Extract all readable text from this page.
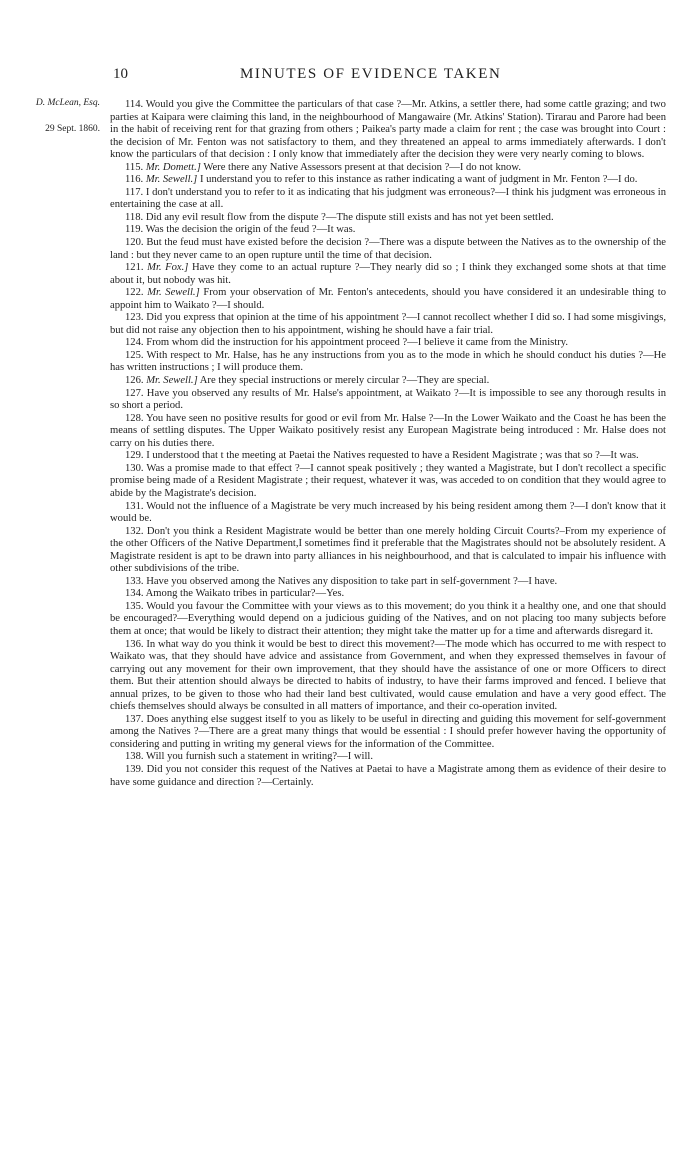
10	MINUTES OF EVIDENCE TAKEN
D. McLean, Esq.
29 Sept. 1860.

114. Would you give the Committee the particulars of that case ?—Mr. Atkins, a settler there, had some cattle grazing; and two parties at Kaipara were claiming this land, in the neighbourhood of Mangawaire (Mr. Atkins' Station). Tirarau and Parore had been in the habit of receiving rent for that grazing from others ; Paikea's party made a claim for rent ; the case was brought into Court : the decision of Mr. Fenton was not satisfactory to them, and they threatened an appeal to arms immediately afterwards. I don't know the particulars of that decision : I only know that immediately after the decision they were very nearly coming to blows.

115. Mr. Domett.] Were there any Native Assessors present at that decision ?—I do not know.

116. Mr. Sewell.] I understand you to refer to this instance as rather indicating a want of judgment in Mr. Fenton ?—I do.

117. I don't understand you to refer to it as indicating that his judgment was erroneous?—I think his judgment was erroneous in entertaining the case at all.

118. Did any evil result flow from the dispute ?—The dispute still exists and has not yet been settled.

119. Was the decision the origin of the feud ?—It was.

120. But the feud must have existed before the decision ?—There was a dispute between the Natives as to the ownership of the land : but they never came to an open rupture until the time of that decision.

121. Mr. Fox.] Have they come to an actual rupture ?—They nearly did so ; I think they exchanged some shots at that time about it, but nobody was hit.

122. Mr. Sewell.] From your observation of Mr. Fenton's antecedents, should you have considered it an undesirable thing to appoint him to Waikato ?—I should.

123. Did you express that opinion at the time of his appointment ?—I cannot recollect whether I did so. I had some misgivings, but did not raise any objection then to his appointment, wishing he should have a fair trial.

124. From whom did the instruction for his appointment proceed ?—I believe it came from the Ministry.

125. With respect to Mr. Halse, has he any instructions from you as to the mode in which he should conduct his duties ?—He has written instructions ; I will produce them.

126. Mr. Sewell.] Are they special instructions or merely circular ?—They are special.

127. Have you observed any results of Mr. Halse's appointment, at Waikato ?—It is impossible to see any thorough results in so short a period.

128. You have seen no positive results for good or evil from Mr. Halse ?—In the Lower Waikato and the Coast he has been the means of settling disputes. The Upper Waikato positively resist any European Magistrate being introduced : Mr. Halse does not carry on his duties there.

129. I understood that t the meeting at Paetai the Natives requested to have a Resident Magistrate ; was that so ?—It was.

130. Was a promise made to that effect ?—I cannot speak positively ; they wanted a Magistrate, but I don't recollect a specific promise being made of a Resident Magistrate ; their request, whatever it was, was acceded to on condition that they would agree to abide by the Magistrate's decision.

131. Would not the influence of a Magistrate be very much increased by his being resident among them ?—I don't know that it would be.

132. Don't you think a Resident Magistrate would be better than one merely holding Circuit Courts?–From my experience of the other Officers of the Native Department,I sometimes find it preferable that the Magistrates should not be absolutely resident. A Magistrate resident is apt to be drawn into party alliances in his neighbourhood, and that is calculated to impair his influence with other subdivisions of the tribe.

133. Have you observed among the Natives any disposition to take part in self-government ?—I have.

134. Among the Waikato tribes in particular?—Yes.

135. Would you favour the Committee with your views as to this movement; do you think it a healthy one, and one that should be encouraged?—Everything would depend on a judicious guiding of the Natives, and on not placing too many subjects before them at once; that would be likely to distract their attention; they might take the matter up for a time and afterwards disregard it.

136. In what way do you think it would be best to direct this movement?—The mode which has occurred to me with respect to Waikato was, that they should have advice and assistance from Government, and when they expressed themselves in favour of carrying out any movement for their own improvement, that they should have the assistance of one or more Officers to direct them. But their attention should always be directed to habits of industry, to have their farms improved and fenced. I believe that annual prizes, to be given to those who had their land best cultivated, would cause emulation and have a very good effect. The chiefs themselves should always be consulted in all matters of importance, and their co-operation invited.

137. Does anything else suggest itself to you as likely to be useful in directing and guiding this movement for self-government among the Natives ?—There are a great many things that would be essential : I should prefer however having the opportunity of considering and putting in writing my general views for the information of the Committee.

138. Will you furnish such a statement in writing?—I will.

139. Did you not consider this request of the Natives at Paetai to have a Magistrate among them as evidence of their desire to have some guidance and direction ?—Certainly.
